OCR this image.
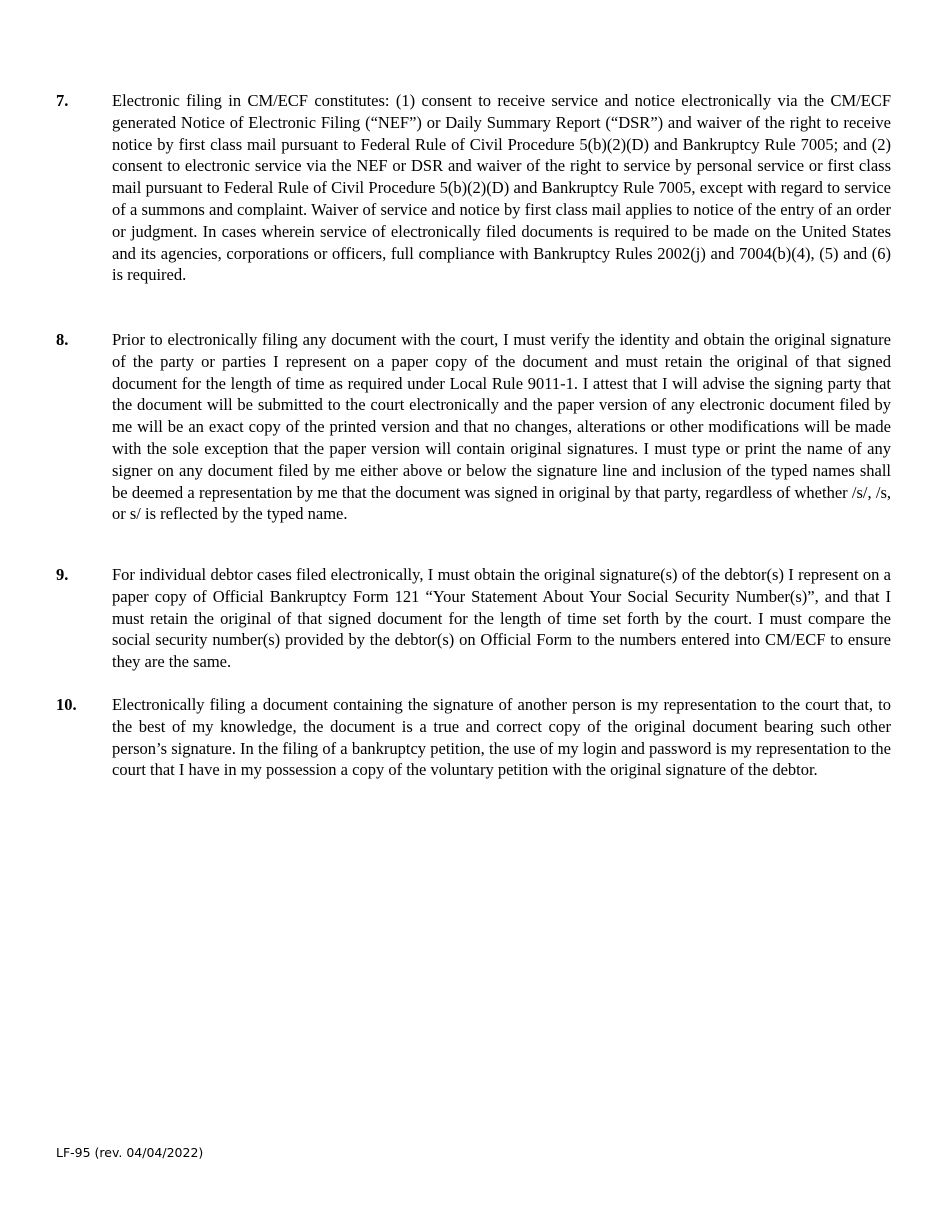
7.	Electronic filing in CM/ECF constitutes: (1) consent to receive service and notice electronically via the CM/ECF generated Notice of Electronic Filing (“NEF”) or Daily Summary Report (“DSR”) and waiver of the right to receive notice by first class mail pursuant to Federal Rule of Civil Procedure 5(b)(2)(D) and Bankruptcy Rule 7005; and (2) consent to electronic service via the NEF or DSR and waiver of the right to service by personal service or first class mail pursuant to Federal Rule of Civil Procedure 5(b)(2)(D) and Bankruptcy Rule 7005, except with regard to service of a summons and complaint. Waiver of service and notice by first class mail applies to notice of the entry of an order or judgment. In cases wherein service of electronically filed documents is required to be made on the United States and its agencies, corporations or officers, full compliance with Bankruptcy Rules 2002(j) and 7004(b)(4), (5) and (6) is required.

8.	Prior to electronically filing any document with the court, I must verify the identity and obtain the original signature of the party or parties I represent on a paper copy of the document and must retain the original of that signed document for the length of time as required under Local Rule 9011-1. I attest that I will advise the signing party that the document will be submitted to the court electronically and the paper version of any electronic document filed by me will be an exact copy of the printed version and that no changes, alterations or other modifications will be made with the sole exception that the paper version will contain original signatures. I must type or print the name of any signer on any document filed by me either above or below the signature line and inclusion of the typed names shall be deemed a representation by me that the document was signed in original by that party, regardless of whether /s/, /s, or s/ is reflected by the typed name.

9.	For individual debtor cases filed electronically, I must obtain the original signature(s) of the debtor(s) I represent on a paper copy of Official Bankruptcy Form 121 “Your Statement About Your Social Security Number(s)”, and that I must retain the original of that signed document for the length of time set forth by the court. I must compare the social security number(s) provided by the debtor(s) on Official Form to the numbers entered into CM/ECF to ensure they are the same.

10.	Electronically filing a document containing the signature of another person is my representation to the court that, to the best of my knowledge, the document is a true and correct copy of the original document bearing such other person’s signature. In the filing of a bankruptcy petition, the use of my login and password is my representation to the court that I have in my possession a copy of the voluntary petition with the original signature of the debtor.

LF-95 (rev. 04/04/2022)
